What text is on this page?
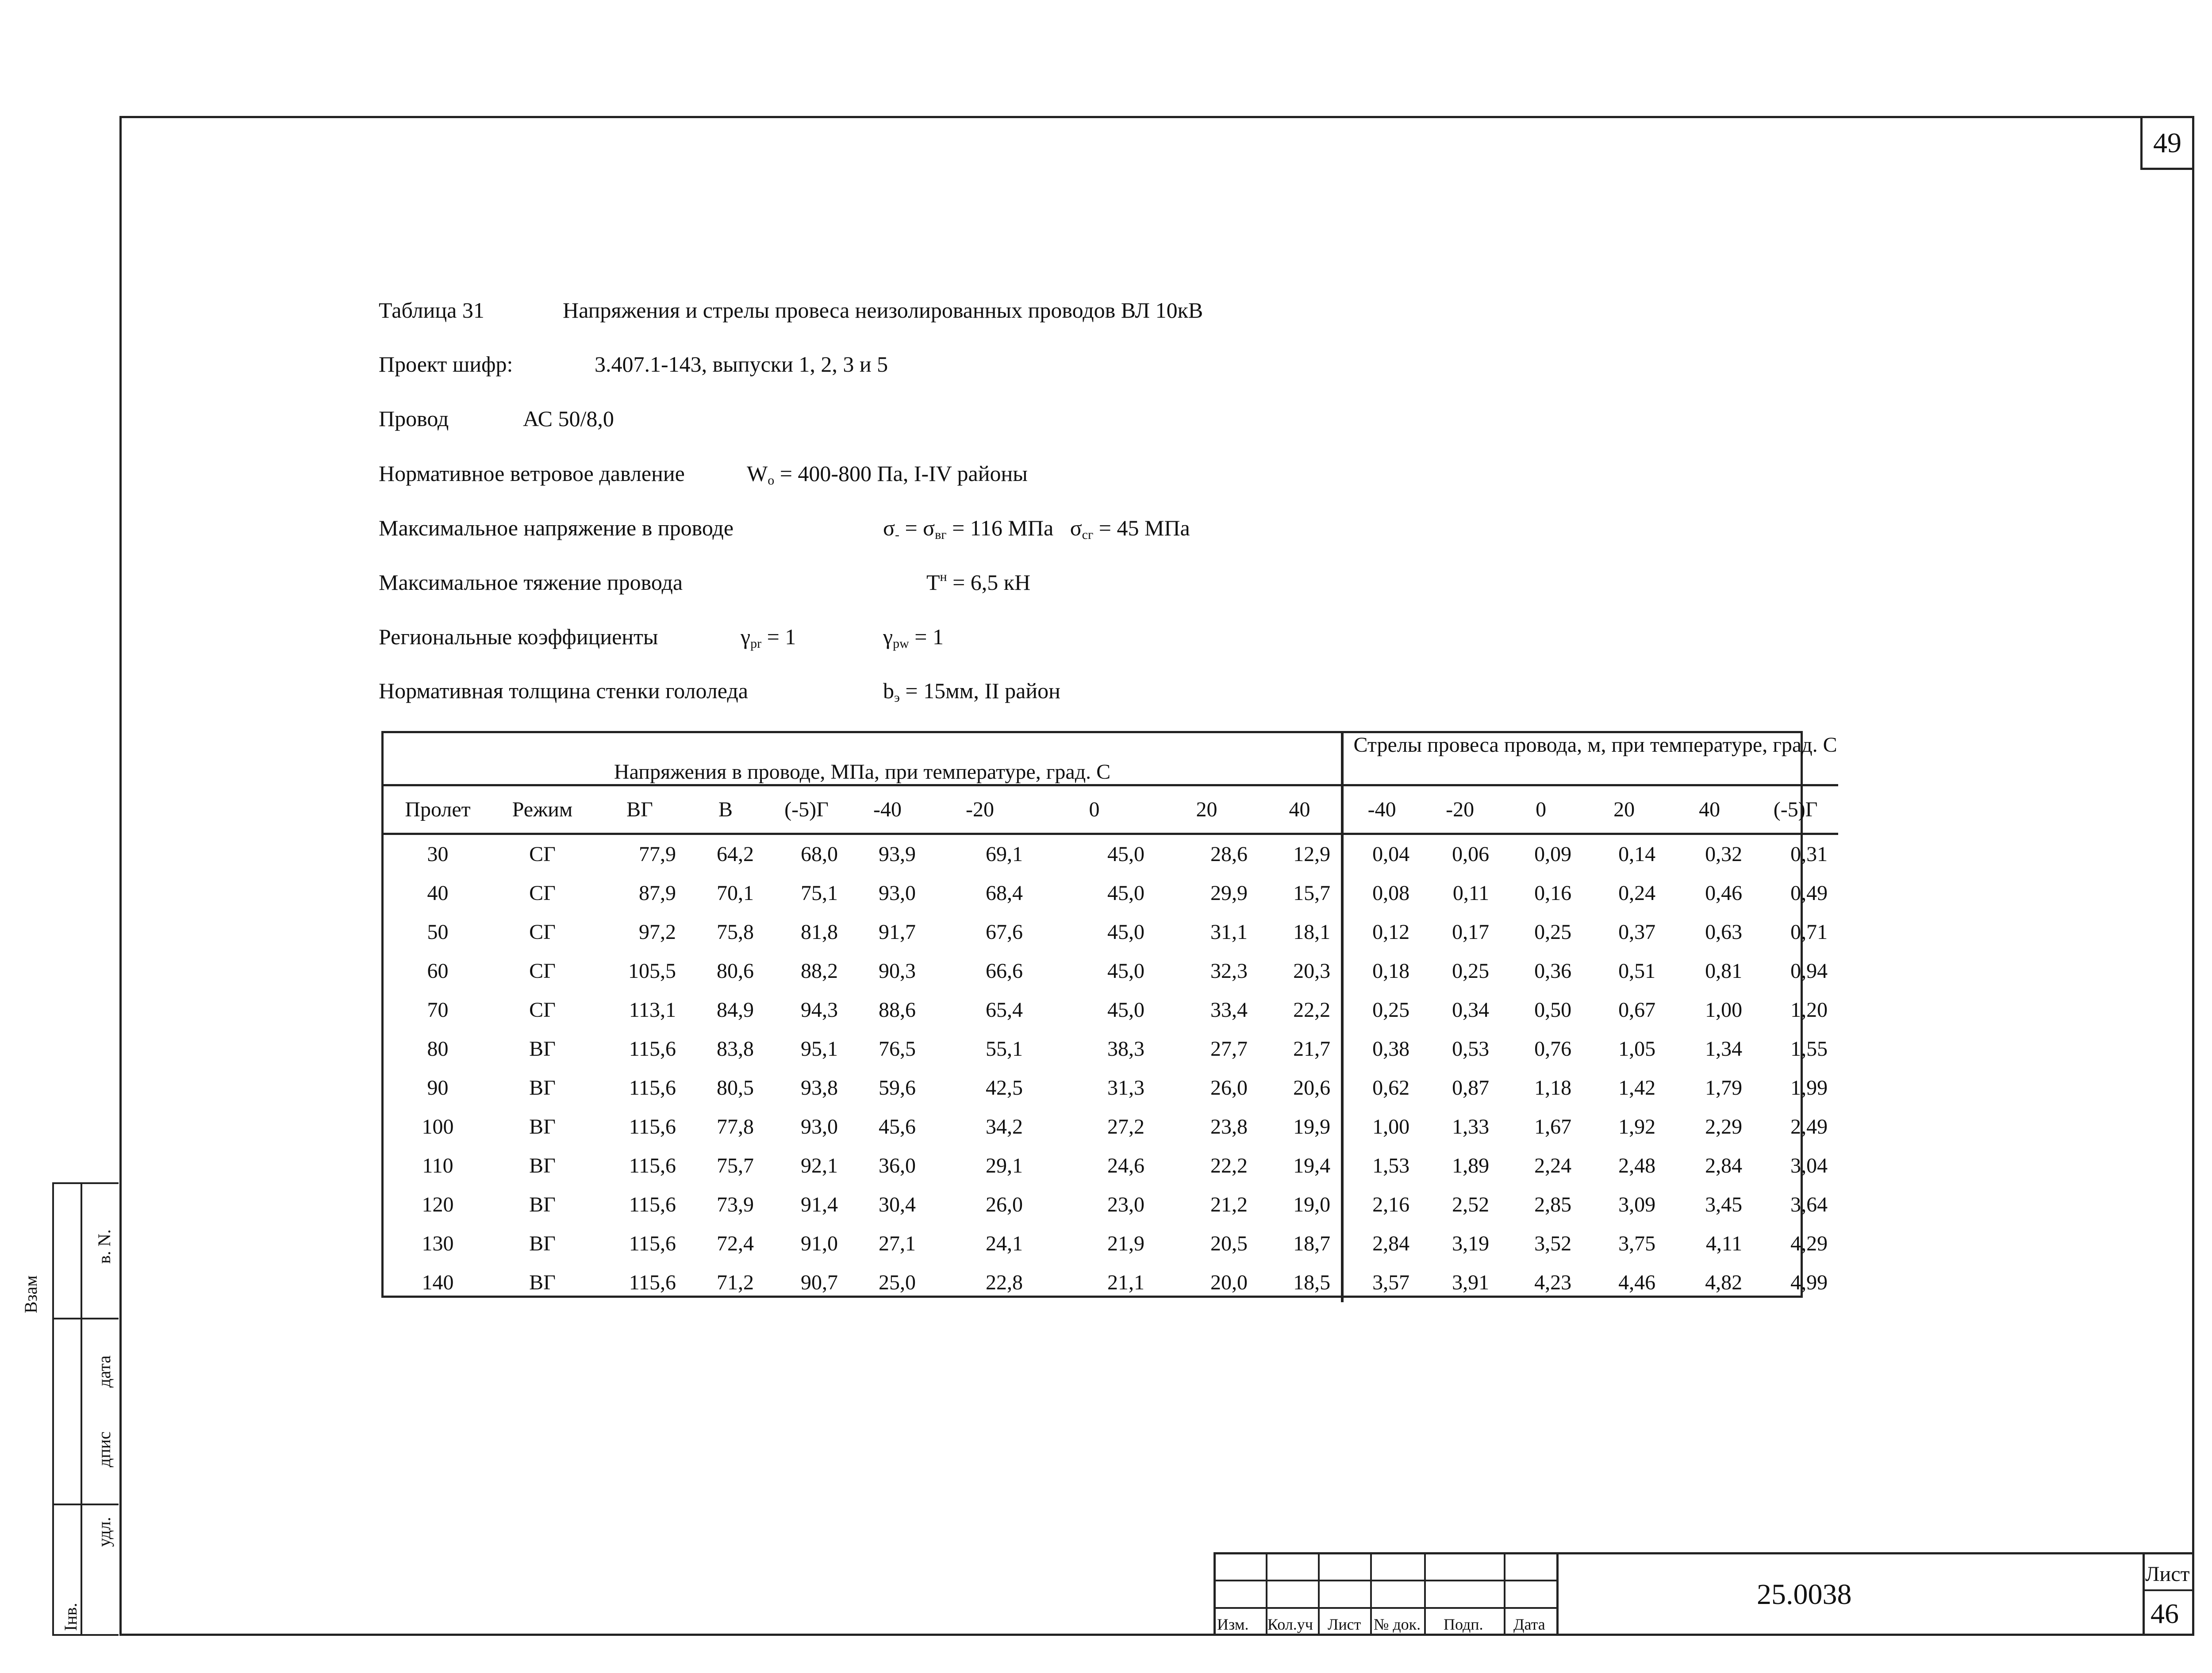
49
Таблица 31	Напряжения и стрелы провеса неизолированных проводов ВЛ 10кВ
Проект шифр:	3.407.1-143, выпуски 1, 2, 3 и 5
Провод	АС 50/8,0
Нормативное ветровое давление	$W_o = 400-800$ Па, I-IV районы
Максимальное напряжение в проводе	$\sigma_- = \sigma_{вг} = 116$ МПа $\sigma_{сг} = 45$ МПа
Максимальное тяжение провода	$T^н = 6,5$ кН
Региональные коэффициенты	$\gamma_{pr} = 1$	$\gamma_{pw} = 1$
Нормативная толщина стенки гололеда	$b_э = 15мм$, II район
Напряжения в проводе, МПа, при температуре, град. С										Стрелы провеса провода, м, при температуре, град. С					
Пролет	Режим	ВГ	В	(-5)Г	-40	-20	0	20	40	-40	-20	0	20	40	(-5)Г
30	СГ	77,9	64,2	68,0	93,9	69,1	45,0	28,6	12,9	0,04	0,06	0,09	0,14	0,32	0,31
40	СГ	87,9	70,1	75,1	93,0	68,4	45,0	29,9	15,7	0,08	0,11	0,16	0,24	0,46	0,49
50	СГ	97,2	75,8	81,8	91,7	67,6	45,0	31,1	18,1	0,12	0,17	0,25	0,37	0,63	0,71
60	СГ	105,5	80,6	88,2	90,3	66,6	45,0	32,3	20,3	0,18	0,25	0,36	0,51	0,81	0,94
70	СГ	113,1	84,9	94,3	88,6	65,4	45,0	33,4	22,2	0,25	0,34	0,50	0,67	1,00	1,20
80	ВГ	115,6	83,8	95,1	76,5	55,1	38,3	27,7	21,7	0,38	0,53	0,76	1,05	1,34	1,55
90	ВГ	115,6	80,5	93,8	59,6	42,5	31,3	26,0	20,6	0,62	0,87	1,18	1,42	1,79	1,99
100	ВГ	115,6	77,8	93,0	45,6	34,2	27,2	23,8	19,9	1,00	1,33	1,67	1,92	2,29	2,49
110	ВГ	115,6	75,7	92,1	36,0	29,1	24,6	22,2	19,4	1,53	1,89	2,24	2,48	2,84	3,04
120	ВГ	115,6	73,9	91,4	30,4	26,0	23,0	21,2	19,0	2,16	2,52	2,85	3,09	3,45	3,64
130	ВГ	115,6	72,4	91,0	27,1	24,1	21,9	20,5	18,7	2,84	3,19	3,52	3,75	4,11	4,29
140	ВГ	115,6	71,2	90,7	25,0	22,8	21,1	20,0	18,5	3,57	3,91	4,23	4,46	4,82	4,99
Взам
в. N.
дата
дпис
удл.
Інв.	Изм. Кол.уч Лист № док. Подп. Дата
25.0038
Лист
46
